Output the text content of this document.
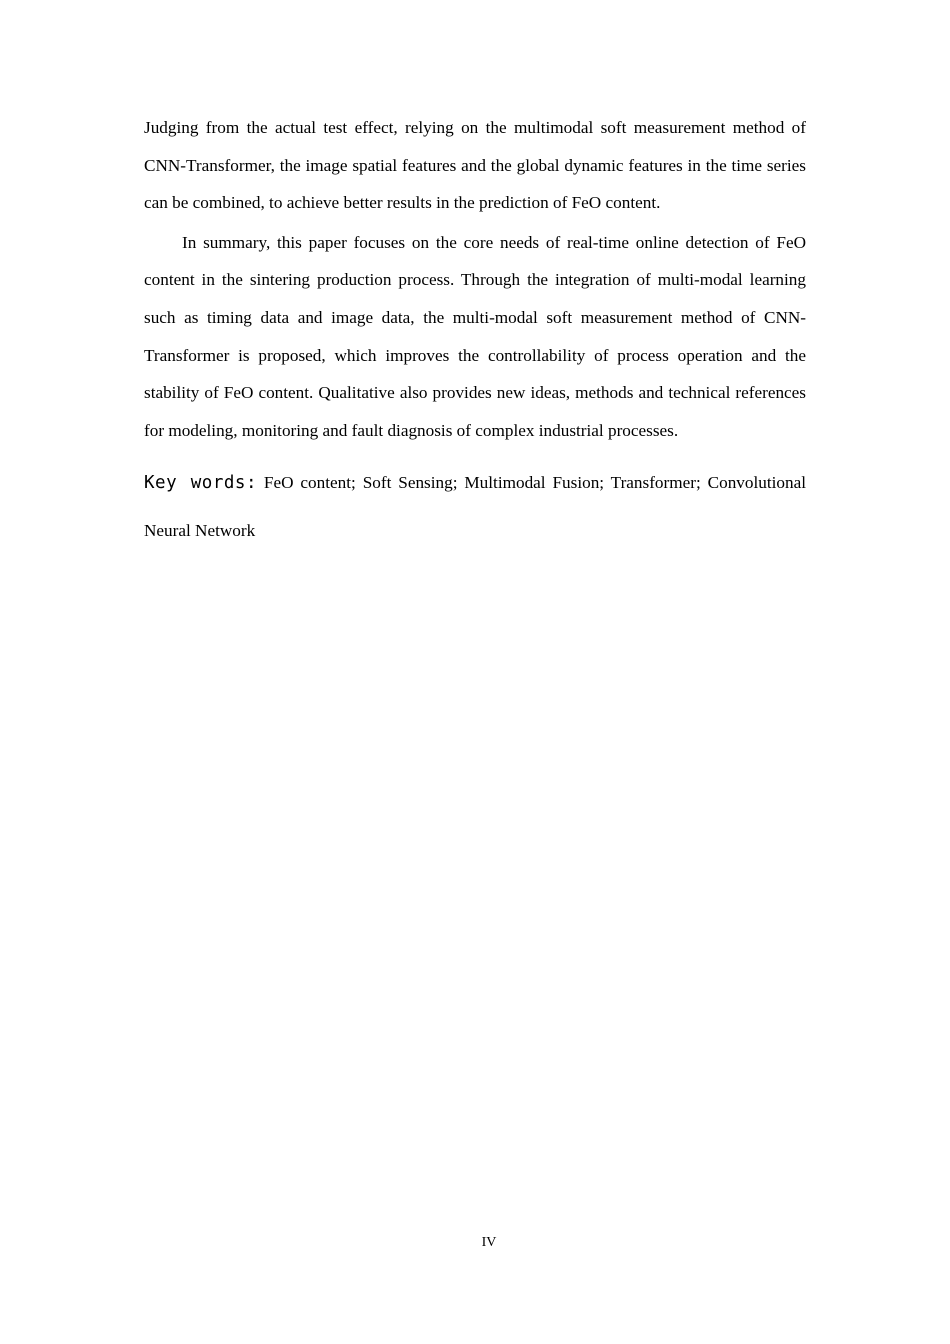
Judging from the actual test effect, relying on the multimodal soft measurement method of CNN-Transformer, the image spatial features and the global dynamic features in the time series can be combined, to achieve better results in the prediction of FeO content.

In summary, this paper focuses on the core needs of real-time online detection of FeO content in the sintering production process. Through the integration of multi-modal learning such as timing data and image data, the multi-modal soft measurement method of CNN-Transformer is proposed, which improves the controllability of process operation and the stability of FeO content. Qualitative also provides new ideas, methods and technical references for modeling, monitoring and fault diagnosis of complex industrial processes.

Key words: FeO content; Soft Sensing; Multimodal Fusion; Transformer; Convolutional Neural Network

IV
